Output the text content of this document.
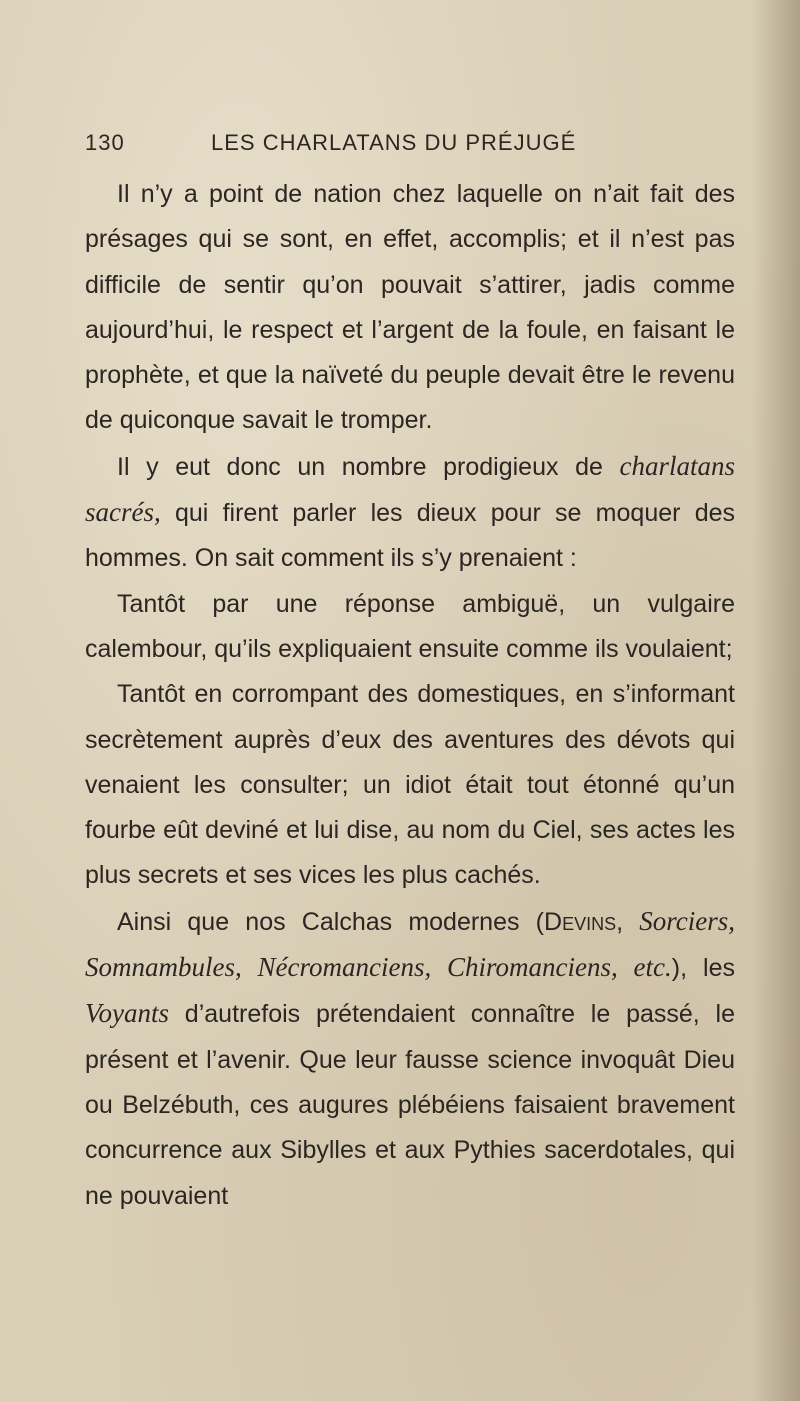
130	LES CHARLATANS DU PRÉJUGÉ

Il n’y a point de nation chez laquelle on n’ait fait des présages qui se sont, en effet, accomplis; et il n’est pas difficile de sentir qu’on pouvait s’attirer, jadis comme aujourd’hui, le respect et l’argent de la foule, en faisant le prophète, et que la naïveté du peuple devait être le revenu de quiconque savait le tromper.

Il y eut donc un nombre prodigieux de charlatans sacrés, qui firent parler les dieux pour se moquer des hommes. On sait comment ils s’y prenaient :

Tantôt par une réponse ambiguë, un vulgaire calembour, qu’ils expliquaient ensuite comme ils voulaient;

Tantôt en corrompant des domestiques, en s’informant secrètement auprès d’eux des aventures des dévots qui venaient les consulter; un idiot était tout étonné qu’un fourbe eût deviné et lui dise, au nom du Ciel, ses actes les plus secrets et ses vices les plus cachés.

Ainsi que nos Calchas modernes (Devins, Sorciers, Somnambules, Nécromanciens, Chiromanciens, etc.), les Voyants d’autrefois prétendaient connaître le passé, le présent et l’avenir. Que leur fausse science invoquât Dieu ou Belzébuth, ces augures plébéiens faisaient bravement concurrence aux Sibylles et aux Pythies sacerdotales, qui ne pouvaient
